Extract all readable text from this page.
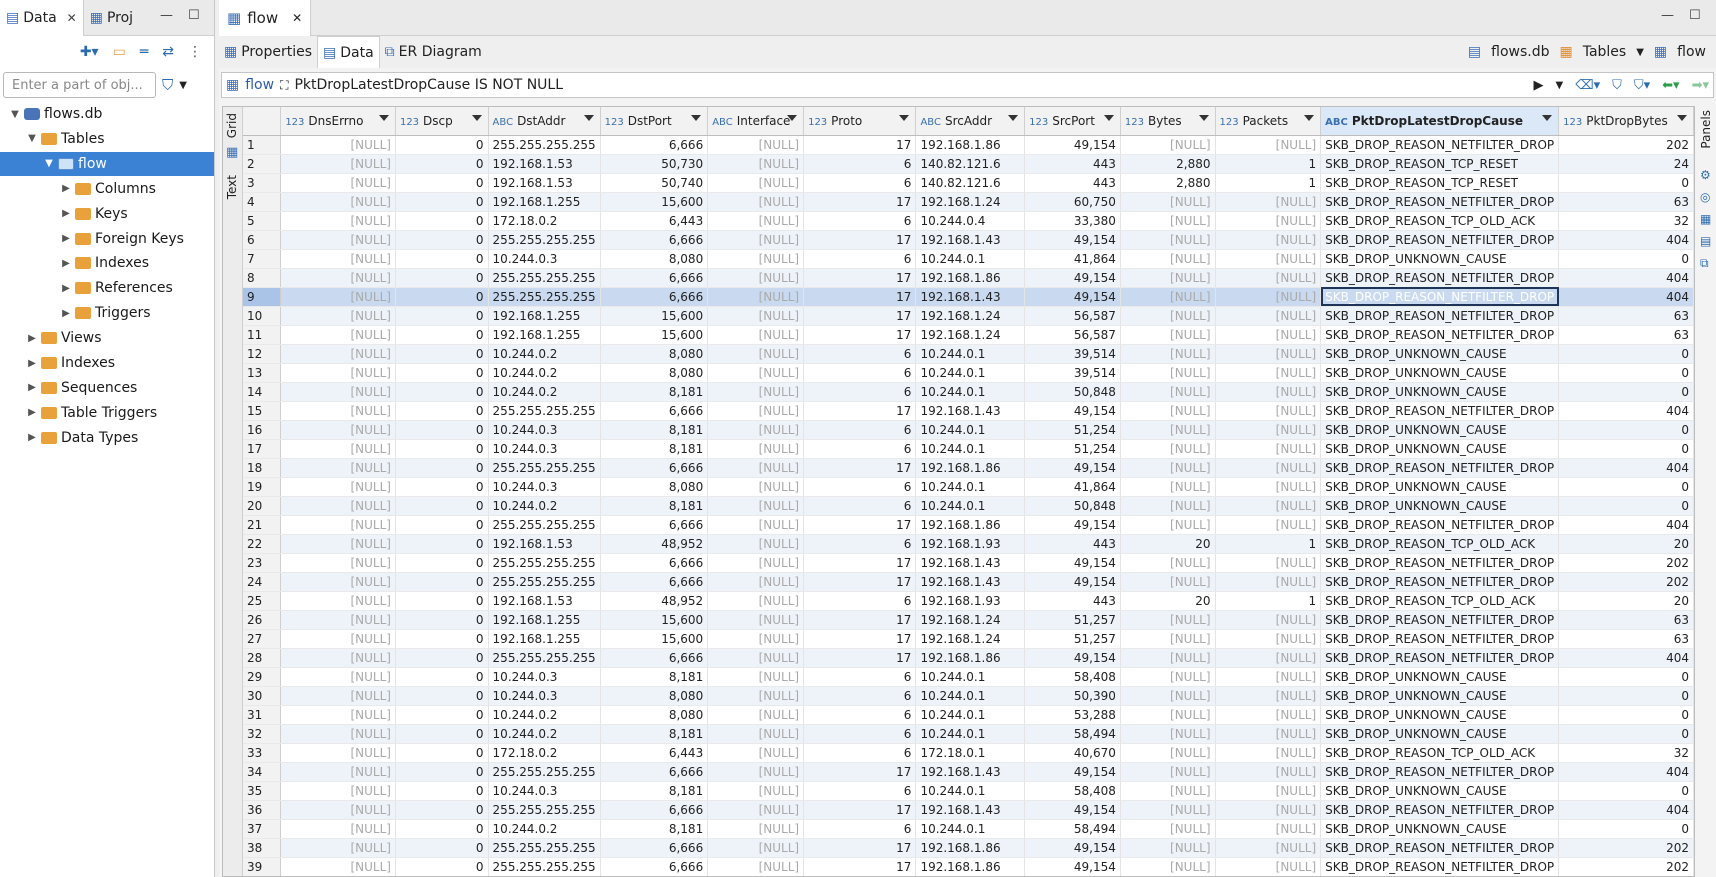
▤ Data ✕ ▦ Proj — ☐
✚▾ ▭ ═ ⇄ ⋮
Enter a part of obj...
⛉ ▼
▼ flows.db
▼ Tables
▼ flow
▶ Columns
▶ Keys
▶ Foreign Keys
▶ Indexes
▶ References
▶ Triggers
▶ Views
▶ Indexes
▶ Sequences
▶ Table Triggers
▶ Data Types
▦ flow ✕	— ☐
▦ Properties ▤ Data ⧉ ER Diagram	▤ flows.db ▦ Tables ▼ ▦ flow
▦ flow ⛶ PktDropLatestDropCause IS NOT NULL	▶ ▼ ⌫▾ ⛉ ⛉▾ ⬅▾ ➡▾
Grid
▦
Text
	123 DnsErrno	123 Dscp	ABC DstAddr	123 DstPort	ABC Interface	123 Proto	ABC SrcAddr	123 SrcPort	123 Bytes	123 Packets	ABC PktDropLatestDropCause	123 PktDropBytes

1	[NULL]	0	255.255.255.255	6,666	[NULL]	17	192.168.1.86	49,154	[NULL]	[NULL]	SKB_DROP_REASON_NETFILTER_DROP	202
2	[NULL]	0	192.168.1.53	50,730	[NULL]	6	140.82.121.6	443	2,880	1	SKB_DROP_REASON_TCP_RESET	24
3	[NULL]	0	192.168.1.53	50,740	[NULL]	6	140.82.121.6	443	2,880	1	SKB_DROP_REASON_TCP_RESET	0
4	[NULL]	0	192.168.1.255	15,600	[NULL]	17	192.168.1.24	60,750	[NULL]	[NULL]	SKB_DROP_REASON_NETFILTER_DROP	63
5	[NULL]	0	172.18.0.2	6,443	[NULL]	6	10.244.0.4	33,380	[NULL]	[NULL]	SKB_DROP_REASON_TCP_OLD_ACK	32
6	[NULL]	0	255.255.255.255	6,666	[NULL]	17	192.168.1.43	49,154	[NULL]	[NULL]	SKB_DROP_REASON_NETFILTER_DROP	404
7	[NULL]	0	10.244.0.3	8,080	[NULL]	6	10.244.0.1	41,864	[NULL]	[NULL]	SKB_DROP_UNKNOWN_CAUSE	0
8	[NULL]	0	255.255.255.255	6,666	[NULL]	17	192.168.1.86	49,154	[NULL]	[NULL]	SKB_DROP_REASON_NETFILTER_DROP	404
9	[NULL]	0	255.255.255.255	6,666	[NULL]	17	192.168.1.43	49,154	[NULL]	[NULL]	SKB_DROP_REASON_NETFILTER_DROP	404
10	[NULL]	0	192.168.1.255	15,600	[NULL]	17	192.168.1.24	56,587	[NULL]	[NULL]	SKB_DROP_REASON_NETFILTER_DROP	63
11	[NULL]	0	192.168.1.255	15,600	[NULL]	17	192.168.1.24	56,587	[NULL]	[NULL]	SKB_DROP_REASON_NETFILTER_DROP	63
12	[NULL]	0	10.244.0.2	8,080	[NULL]	6	10.244.0.1	39,514	[NULL]	[NULL]	SKB_DROP_UNKNOWN_CAUSE	0
13	[NULL]	0	10.244.0.2	8,080	[NULL]	6	10.244.0.1	39,514	[NULL]	[NULL]	SKB_DROP_UNKNOWN_CAUSE	0
14	[NULL]	0	10.244.0.2	8,181	[NULL]	6	10.244.0.1	50,848	[NULL]	[NULL]	SKB_DROP_UNKNOWN_CAUSE	0
15	[NULL]	0	255.255.255.255	6,666	[NULL]	17	192.168.1.43	49,154	[NULL]	[NULL]	SKB_DROP_REASON_NETFILTER_DROP	404
16	[NULL]	0	10.244.0.3	8,181	[NULL]	6	10.244.0.1	51,254	[NULL]	[NULL]	SKB_DROP_UNKNOWN_CAUSE	0
17	[NULL]	0	10.244.0.3	8,181	[NULL]	6	10.244.0.1	51,254	[NULL]	[NULL]	SKB_DROP_UNKNOWN_CAUSE	0
18	[NULL]	0	255.255.255.255	6,666	[NULL]	17	192.168.1.86	49,154	[NULL]	[NULL]	SKB_DROP_REASON_NETFILTER_DROP	404
19	[NULL]	0	10.244.0.3	8,080	[NULL]	6	10.244.0.1	41,864	[NULL]	[NULL]	SKB_DROP_UNKNOWN_CAUSE	0
20	[NULL]	0	10.244.0.2	8,181	[NULL]	6	10.244.0.1	50,848	[NULL]	[NULL]	SKB_DROP_UNKNOWN_CAUSE	0
21	[NULL]	0	255.255.255.255	6,666	[NULL]	17	192.168.1.86	49,154	[NULL]	[NULL]	SKB_DROP_REASON_NETFILTER_DROP	404
22	[NULL]	0	192.168.1.53	48,952	[NULL]	6	192.168.1.93	443	20	1	SKB_DROP_REASON_TCP_OLD_ACK	20
23	[NULL]	0	255.255.255.255	6,666	[NULL]	17	192.168.1.43	49,154	[NULL]	[NULL]	SKB_DROP_REASON_NETFILTER_DROP	202
24	[NULL]	0	255.255.255.255	6,666	[NULL]	17	192.168.1.43	49,154	[NULL]	[NULL]	SKB_DROP_REASON_NETFILTER_DROP	202
25	[NULL]	0	192.168.1.53	48,952	[NULL]	6	192.168.1.93	443	20	1	SKB_DROP_REASON_TCP_OLD_ACK	20
26	[NULL]	0	192.168.1.255	15,600	[NULL]	17	192.168.1.24	51,257	[NULL]	[NULL]	SKB_DROP_REASON_NETFILTER_DROP	63
27	[NULL]	0	192.168.1.255	15,600	[NULL]	17	192.168.1.24	51,257	[NULL]	[NULL]	SKB_DROP_REASON_NETFILTER_DROP	63
28	[NULL]	0	255.255.255.255	6,666	[NULL]	17	192.168.1.86	49,154	[NULL]	[NULL]	SKB_DROP_REASON_NETFILTER_DROP	404
29	[NULL]	0	10.244.0.3	8,181	[NULL]	6	10.244.0.1	58,408	[NULL]	[NULL]	SKB_DROP_UNKNOWN_CAUSE	0
30	[NULL]	0	10.244.0.3	8,080	[NULL]	6	10.244.0.1	50,390	[NULL]	[NULL]	SKB_DROP_UNKNOWN_CAUSE	0
31	[NULL]	0	10.244.0.2	8,080	[NULL]	6	10.244.0.1	53,288	[NULL]	[NULL]	SKB_DROP_UNKNOWN_CAUSE	0
32	[NULL]	0	10.244.0.2	8,181	[NULL]	6	10.244.0.1	58,494	[NULL]	[NULL]	SKB_DROP_UNKNOWN_CAUSE	0
33	[NULL]	0	172.18.0.2	6,443	[NULL]	6	172.18.0.1	40,670	[NULL]	[NULL]	SKB_DROP_REASON_TCP_OLD_ACK	32
34	[NULL]	0	255.255.255.255	6,666	[NULL]	17	192.168.1.43	49,154	[NULL]	[NULL]	SKB_DROP_REASON_NETFILTER_DROP	404
35	[NULL]	0	10.244.0.3	8,181	[NULL]	6	10.244.0.1	58,408	[NULL]	[NULL]	SKB_DROP_UNKNOWN_CAUSE	0
36	[NULL]	0	255.255.255.255	6,666	[NULL]	17	192.168.1.43	49,154	[NULL]	[NULL]	SKB_DROP_REASON_NETFILTER_DROP	404
37	[NULL]	0	10.244.0.2	8,181	[NULL]	6	10.244.0.1	58,494	[NULL]	[NULL]	SKB_DROP_UNKNOWN_CAUSE	0
38	[NULL]	0	255.255.255.255	6,666	[NULL]	17	192.168.1.86	49,154	[NULL]	[NULL]	SKB_DROP_REASON_NETFILTER_DROP	202
39	[NULL]	0	255.255.255.255	6,666	[NULL]	17	192.168.1.86	49,154	[NULL]	[NULL]	SKB_DROP_REASON_NETFILTER_DROP	202
Panels
⚙
◎
▦
▤
⧉
